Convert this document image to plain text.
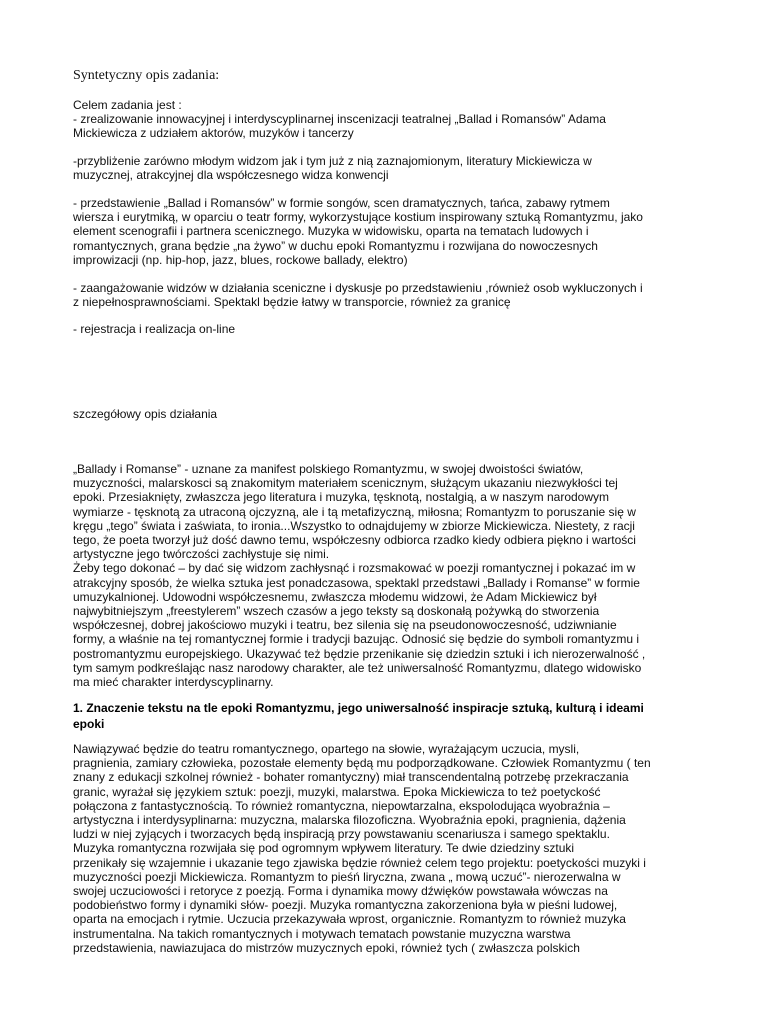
Syntetyczny opis zadania:
Celem zadania jest :
- zrealizowanie innowacyjnej i interdyscyplinarnej inscenizacji teatralnej „Ballad i Romansów” Adama
Mickiewicza z udziałem aktorów, muzyków i tancerzy
-przybliżenie zarówno młodym widzom jak i tym już z nią zaznajomionym, literatury Mickiewicza w
muzycznej, atrakcyjnej dla współczesnego widza konwencji
- przedstawienie „Ballad i Romansów” w formie songów, scen dramatycznych, tańca, zabawy rytmem
wiersza i eurytmiką, w oparciu o teatr formy, wykorzystujące kostium inspirowany sztuką Romantyzmu, jako
element scenografii i partnera scenicznego. Muzyka w widowisku, oparta na tematach ludowych i
romantycznych, grana będzie „na żywo” w duchu epoki Romantyzmu i rozwijana do nowoczesnych
improwizacji (np. hip-hop, jazz, blues, rockowe ballady, elektro)
- zaangażowanie widzów w działania sceniczne i dyskusje po przedstawieniu ,również osob wykluczonych i
z niepełnosprawnościami. Spektakl będzie łatwy w transporcie, również za granicę
- rejestracja i realizacja on-line
szczegółowy opis działania
„Ballady i Romanse” - uznane za manifest polskiego Romantyzmu, w swojej dwoistości światów,
muzyczności, malarskosci są znakomitym materiałem scenicznym, służącym ukazaniu niezwykłości tej
epoki. Przesiaknięty, zwłaszcza jego literatura i muzyka, tęsknotą, nostalgią, a w naszym narodowym
wymiarze - tęsknotą za utraconą ojczyzną, ale i tą metafizyczną, miłosna; Romantyzm to poruszanie się w
kręgu „tego” świata i zaświata, to ironia...Wszystko to odnajdujemy w zbiorze Mickiewicza. Niestety, z racji
tego, że poeta tworzył już dość dawno temu, współczesny odbiorca rzadko kiedy odbiera piękno i wartości
artystyczne jego twórczości zachłystuje się nimi.
Żeby tego dokonać – by dać się widzom zachłysnąć i rozsmakować w poezji romantycznej i pokazać im w
atrakcyjny sposób, że wielka sztuka jest ponadczasowa, spektakl przedstawi „Ballady i Romanse” w formie
umuzykalnionej. Udowodni współczesnemu, zwłaszcza młodemu widzowi, że Adam Mickiewicz był
najwybitniejszym „freestylerem” wszech czasów a jego teksty są doskonałą pożywką do stworzenia
współczesnej, dobrej jakościowo muzyki i teatru, bez silenia się na pseudonowoczesność, udziwnianie
formy, a właśnie na tej romantycznej formie i tradycji bazując. Odnosić się będzie do symboli romantyzmu i
postromantyzmu europejskiego. Ukazywać też będzie przenikanie się dziedzin sztuki i ich nierozerwalność ,
tym samym podkreślając nasz narodowy charakter, ale też uniwersalność Romantyzmu, dlatego widowisko
ma mieć charakter interdyscyplinarny.
1. Znaczenie tekstu na tle epoki Romantyzmu, jego uniwersalność inspiracje sztuką, kulturą i ideami
epoki
Nawiązywać będzie do teatru romantycznego, opartego na słowie, wyrażającym uczucia, mysli,
pragnienia, zamiary człowieka, pozostałe elementy będą mu podporządkowane. Człowiek Romantyzmu ( ten
znany z edukacji szkolnej również - bohater romantyczny) miał transcendentalną potrzebę przekraczania
granic, wyrażał się językiem sztuk: poezji, muzyki, malarstwa. Epoka Mickiewicza to też poetyckość
połączona z fantastycznością. To również romantyczna, niepowtarzalna, ekspolodująca wyobraźnia –
artystyczna i interdysyplinarna: muzyczna, malarska filozoficzna. Wyobraźnia epoki, pragnienia, dążenia
ludzi w niej zyjących i tworzacych będą inspiracją przy powstawaniu scenariusza i samego spektaklu.
Muzyka romantyczna rozwijała się pod ogromnym wpływem literatury. Te dwie dziedziny sztuki
przenikały się wzajemnie i ukazanie tego zjawiska będzie również celem tego projektu: poetyckości muzyki i
muzyczności poezji Mickiewicza. Romantyzm to pieśń liryczna, zwana „ mową uczuć”- nierozerwalna w
swojej uczuciowości i retoryce z poezją. Forma i dynamika mowy dźwięków powstawała wówczas na
podobieństwo formy i dynamiki słów- poezji. Muzyka romantyczna zakorzeniona była w pieśni ludowej,
oparta na emocjach i rytmie. Uczucia przekazywała wprost, organicznie. Romantyzm to również muzyka
instrumentalna. Na takich romantycznych i motywach tematach powstanie muzyczna warstwa
przedstawienia, nawiazujaca do mistrzów muzycznych epoki, również tych ( zwłaszcza polskich
